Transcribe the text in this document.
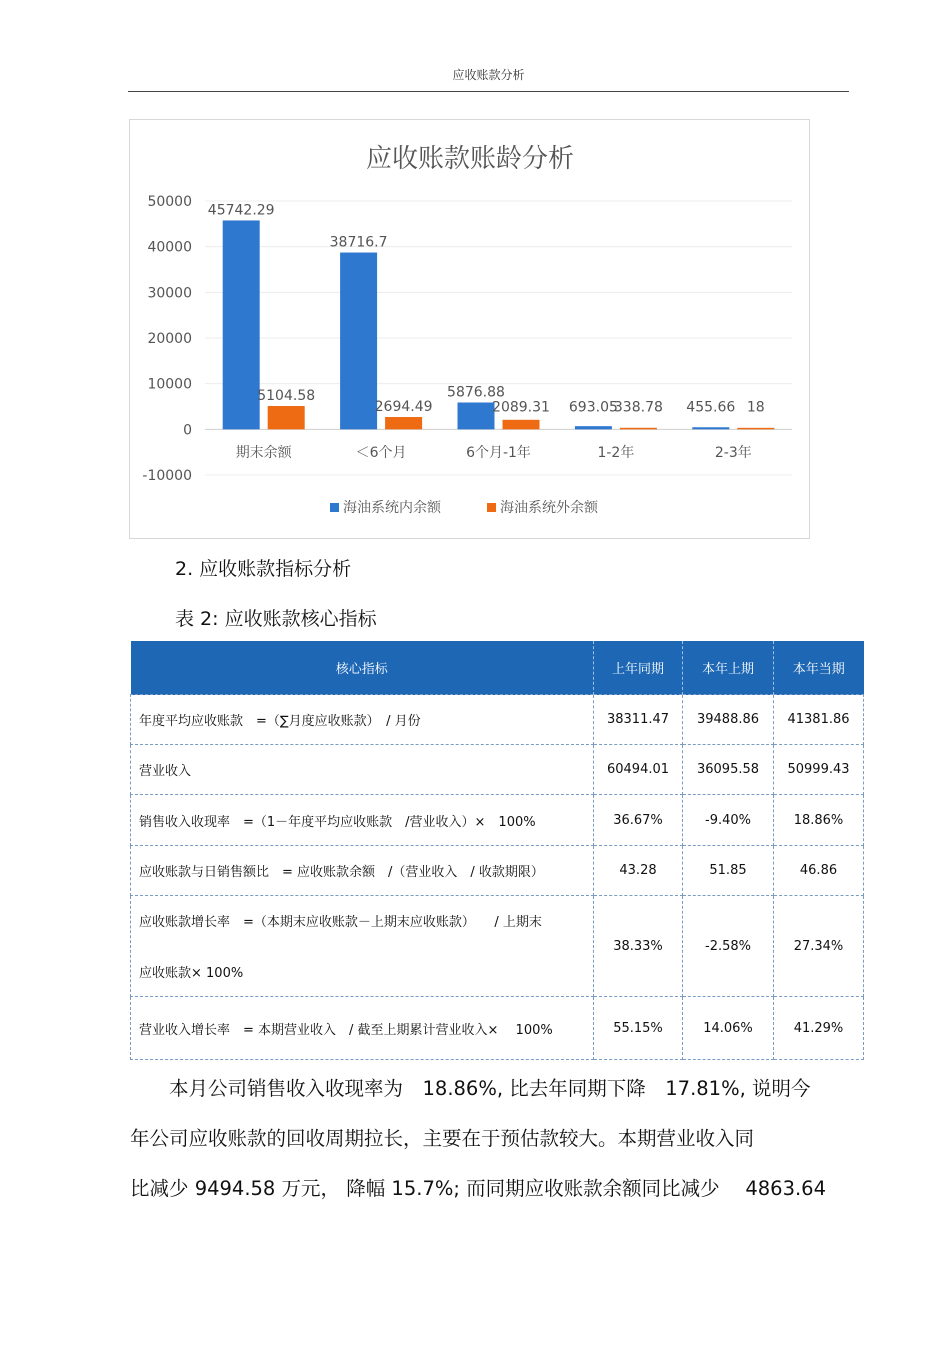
应收账款分析
应收账款账龄分析
50000
40000
30000
20000
10000
0
-10000
45742.29
5104.58
期末余额
38716.7
2694.49
＜6个月
5876.88
2089.31
6个月-1年
693.05
338.78
1-2年
455.66 18
2-3年
海油系统内余额	海油系统外余额
2. 应收账款指标分析
表 2: 应收账款核心指标
核心指标	上年同期	本年上期	本年当期

年度平均应收账款　=（∑月度应收账款）　/ 月份	38311.47	39488.86	41381.86

营业收入	60494.01	36095.58	50999.43

销售收入收现率　=（1－年度平均应收账款　/营业收入）×　100%	36.67%	-9.40%	18.86%

应收账款与日销售额比　= 应收账款余额　/（营业收入　/ 收款期限）	43.28	51.85	46.86

应收账款增长率　=（本期末应收账款－上期末应收账款）　　/ 上期末
应收账款× 100%	38.33%	-2.58%	27.34%

营业收入增长率　= 本期营业收入　/ 截至上期累计营业收入×　 100%	55.15%	14.06%	41.29%
　　本月公司销售收入收现率为　18.86%, 比去年同期下降　17.81%, 说明今
年公司应收账款的回收周期拉长，主要在于预估款较大。本期营业收入同
比减少 9494.58 万元， 降幅 15.7%; 而同期应收账款余额同比减少　 4863.64
